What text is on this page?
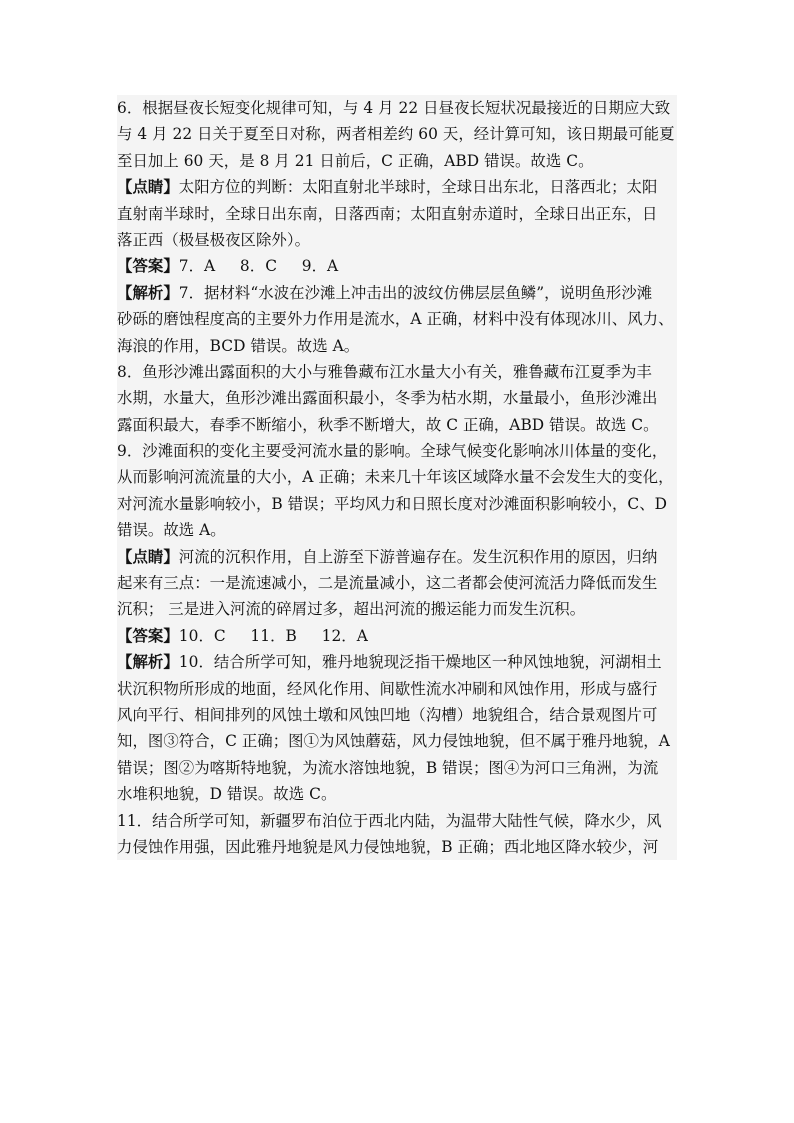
6．根据昼夜长短变化规律可知，与 4 月 22 日昼夜长短状况最接近的日期应大致
与 4 月 22 日关于夏至日对称，两者相差约 60 天，经计算可知，该日期最可能夏
至日加上 60 天，是 8 月 21 日前后，C 正确，ABD 错误。故选 C。
【点睛】太阳方位的判断：太阳直射北半球时，全球日出东北，日落西北；太阳
直射南半球时，全球日出东南，日落西南；太阳直射赤道时，全球日出正东，日
落正西（极昼极夜区除外）。
【答案】7．A     8．C     9．A
【解析】7．据材料“水波在沙滩上冲击出的波纹仿佛层层鱼鳞”，说明鱼形沙滩
砂砾的磨蚀程度高的主要外力作用是流水，A 正确，材料中没有体现冰川、风力、
海浪的作用，BCD 错误。故选 A。
8．鱼形沙滩出露面积的大小与雅鲁藏布江水量大小有关，雅鲁藏布江夏季为丰
水期，水量大，鱼形沙滩出露面积最小，冬季为枯水期，水量最小，鱼形沙滩出
露面积最大，春季不断缩小，秋季不断增大，故 C 正确，ABD 错误。故选 C。
9．沙滩面积的变化主要受河流水量的影响。全球气候变化影响冰川体量的变化，
从而影响河流流量的大小，A 正确；未来几十年该区域降水量不会发生大的变化，
对河流水量影响较小，B 错误；平均风力和日照长度对沙滩面积影响较小，C、D
错误。故选 A。
【点睛】河流的沉积作用，自上游至下游普遍存在。发生沉积作用的原因，归纳
起来有三点：一是流速减小，二是流量减小，这二者都会使河流活力降低而发生
沉积； 三是进入河流的碎屑过多，超出河流的搬运能力而发生沉积。
【答案】10．C     11．B     12．A
【解析】10．结合所学可知，雅丹地貌现泛指干燥地区一种风蚀地貌，河湖相土
状沉积物所形成的地面，经风化作用、间歇性流水冲刷和风蚀作用，形成与盛行
风向平行、相间排列的风蚀土墩和风蚀凹地（沟槽）地貌组合，结合景观图片可
知，图③符合，C 正确；图①为风蚀蘑菇，风力侵蚀地貌，但不属于雅丹地貌，A
错误；图②为喀斯特地貌，为流水溶蚀地貌，B 错误；图④为河口三角洲，为流
水堆积地貌，D 错误。故选 C。
11．结合所学可知，新疆罗布泊位于西北内陆，为温带大陆性气候，降水少，风
力侵蚀作用强，因此雅丹地貌是风力侵蚀地貌，B 正确；西北地区降水较少，河
